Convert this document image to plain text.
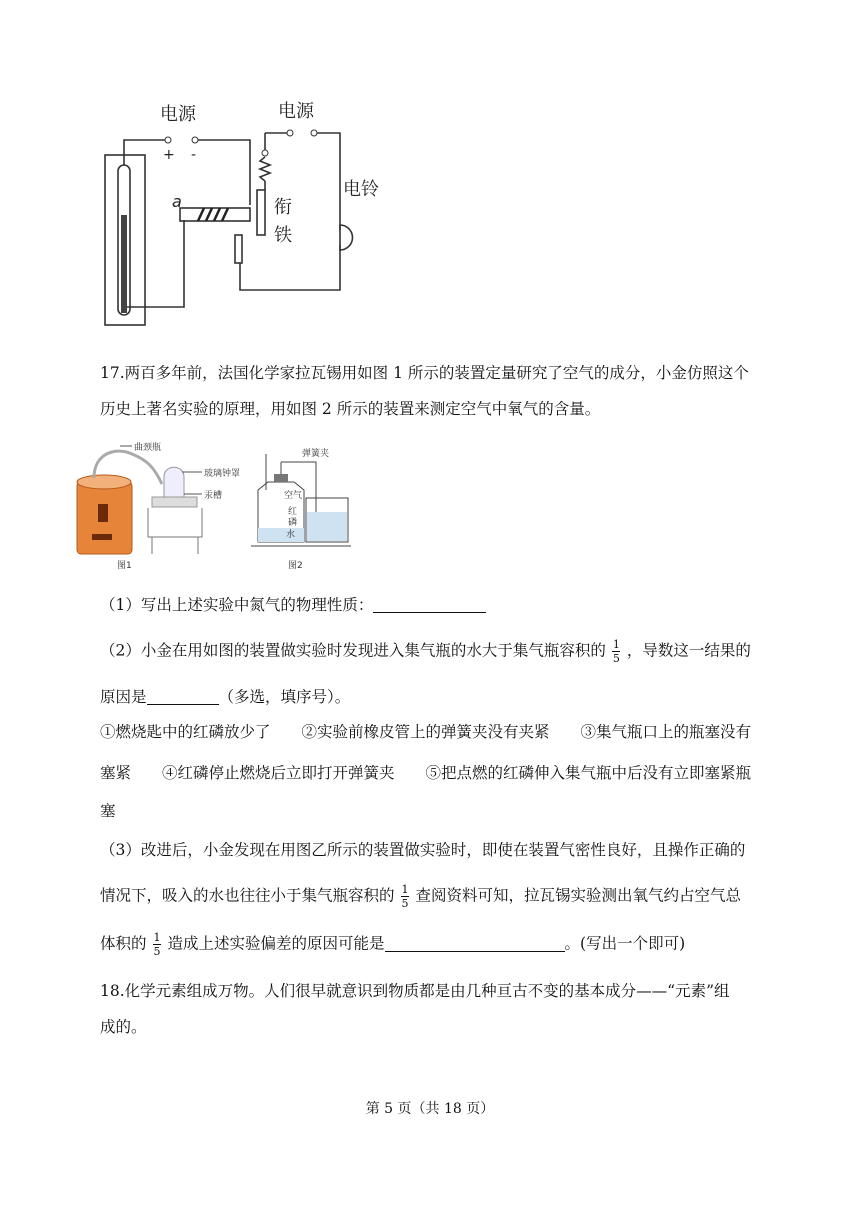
电源	电源
+ -
a	衔
铁
电铃
17.两百多年前，法国化学家拉瓦锡用如图 1 所示的装置定量研究了空气的成分，小金仿照这个
历史上著名实验的原理，用如图 2 所示的装置来测定空气中氧气的含量。
曲颈瓶
玻璃钟罩
汞槽
图1
弹簧夹
空气
红
磷
水
图2
（1）写出上述实验中氮气的物理性质：
（2）小金在用如图的装置做实验时发现进入集气瓶的水大于集气瓶容积的 $\frac{1}{5}$ ，导数这一结果的
原因是	（多选，填序号）。
①燃烧匙中的红磷放少了　　②实验前橡皮管上的弹簧夹没有夹紧　　③集气瓶口上的瓶塞没有
塞紧　　④红磷停止燃烧后立即打开弹簧夹　　⑤把点燃的红磷伸入集气瓶中后没有立即塞紧瓶
塞
（3）改进后，小金发现在用图乙所示的装置做实验时，即使在装置气密性良好，且操作正确的
情况下，吸入的水也往往小于集气瓶容积的 $\frac{1}{5}$ 查阅资料可知，拉瓦锡实验测出氧气约占空气总
体积的 $\frac{1}{5}$ 造成上述实验偏差的原因可能是	。(写出一个即可)
18.化学元素组成万物。人们很早就意识到物质都是由几种亘古不变的基本成分——“元素”组
成的。
第 5 页（共 18 页）
